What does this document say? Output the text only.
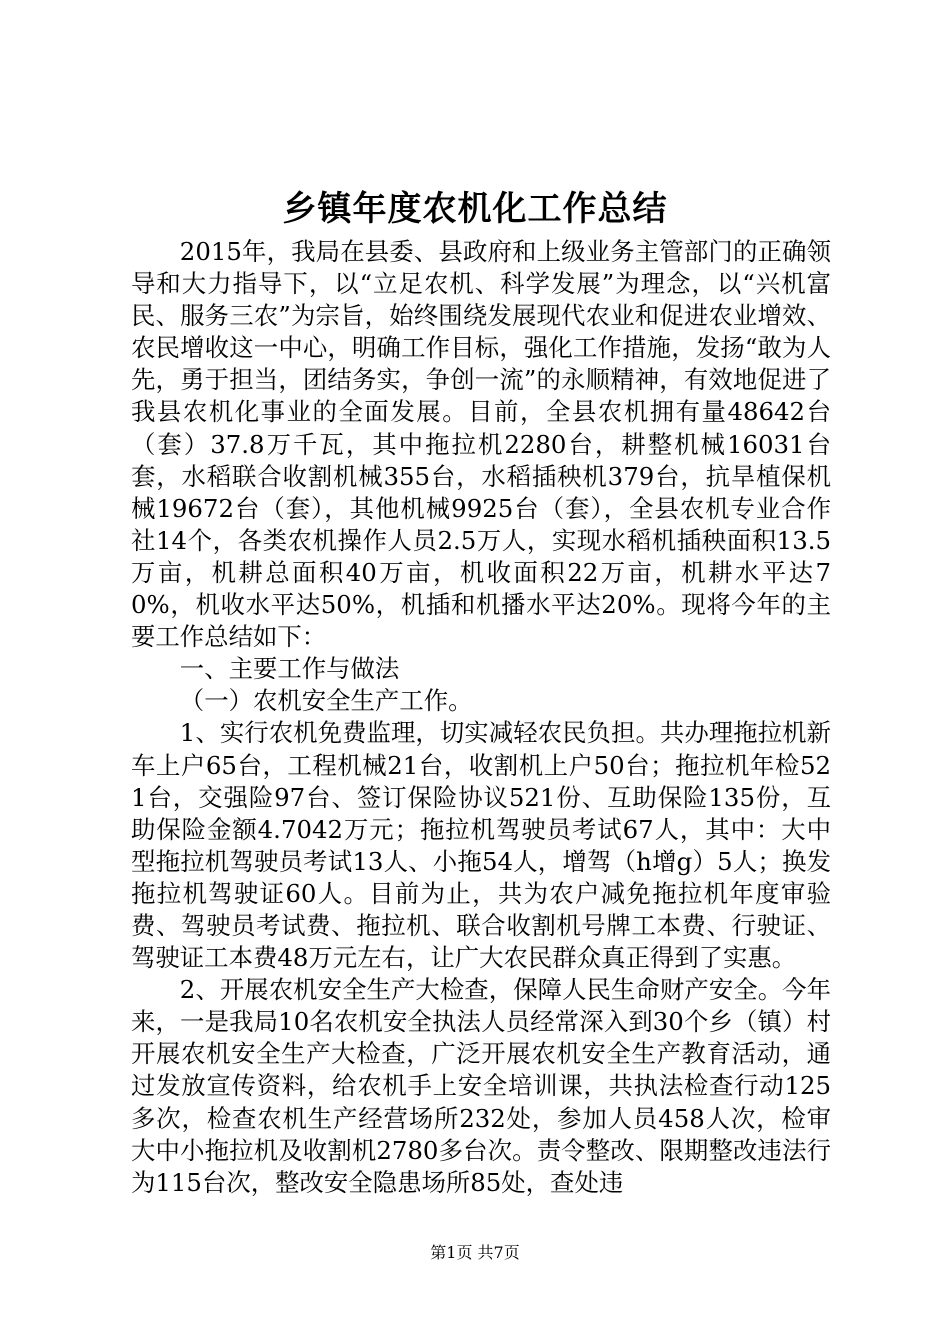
乡镇年度农机化工作总结

2015年，我局在县委、县政府和上级业务主管部门的正确领导和大力指导下，以“立足农机、科学发展”为理念，以“兴机富民、服务三农”为宗旨，始终围绕发展现代农业和促进农业增效、农民增收这一中心，明确工作目标，强化工作措施，发扬“敢为人先，勇于担当，团结务实，争创一流”的永顺精神，有效地促进了我县农机化事业的全面发展。目前，全县农机拥有量48642台（套）37.8万千瓦，其中拖拉机2280台，耕整机械16031台套，水稻联合收割机械355台，水稻插秧机379台，抗旱植保机械19672台（套），其他机械9925台（套），全县农机专业合作社14个，各类农机操作人员2.5万人，实现水稻机插秧面积13.5万亩，机耕总面积40万亩，机收面积22万亩，机耕水平达70%，机收水平达50%，机插和机播水平达20%。现将今年的主要工作总结如下：

一、主要工作与做法

（一）农机安全生产工作。

1、实行农机免费监理，切实减轻农民负担。共办理拖拉机新车上户65台，工程机械21台，收割机上户50台；拖拉机年检521台，交强险97台、签订保险协议521份、互助保险135份，互助保险金额4.7042万元；拖拉机驾驶员考试67人，其中：大中型拖拉机驾驶员考试13人、小拖54人，增驾（h增g）5人；换发拖拉机驾驶证60人。目前为止，共为农户减免拖拉机年度审验费、驾驶员考试费、拖拉机、联合收割机号牌工本费、行驶证、驾驶证工本费48万元左右，让广大农民群众真正得到了实惠。

2、开展农机安全生产大检查，保障人民生命财产安全。今年来，一是我局10名农机安全执法人员经常深入到30个乡（镇）村开展农机安全生产大检查，广泛开展农机安全生产教育活动，通过发放宣传资料，给农机手上安全培训课，共执法检查行动125多次，检查农机生产经营场所232处，参加人员458人次，检审大中小拖拉机及收割机2780多台次。责令整改、限期整改违法行为115台次，整改安全隐患场所85处，查处违

第1页 共7页
